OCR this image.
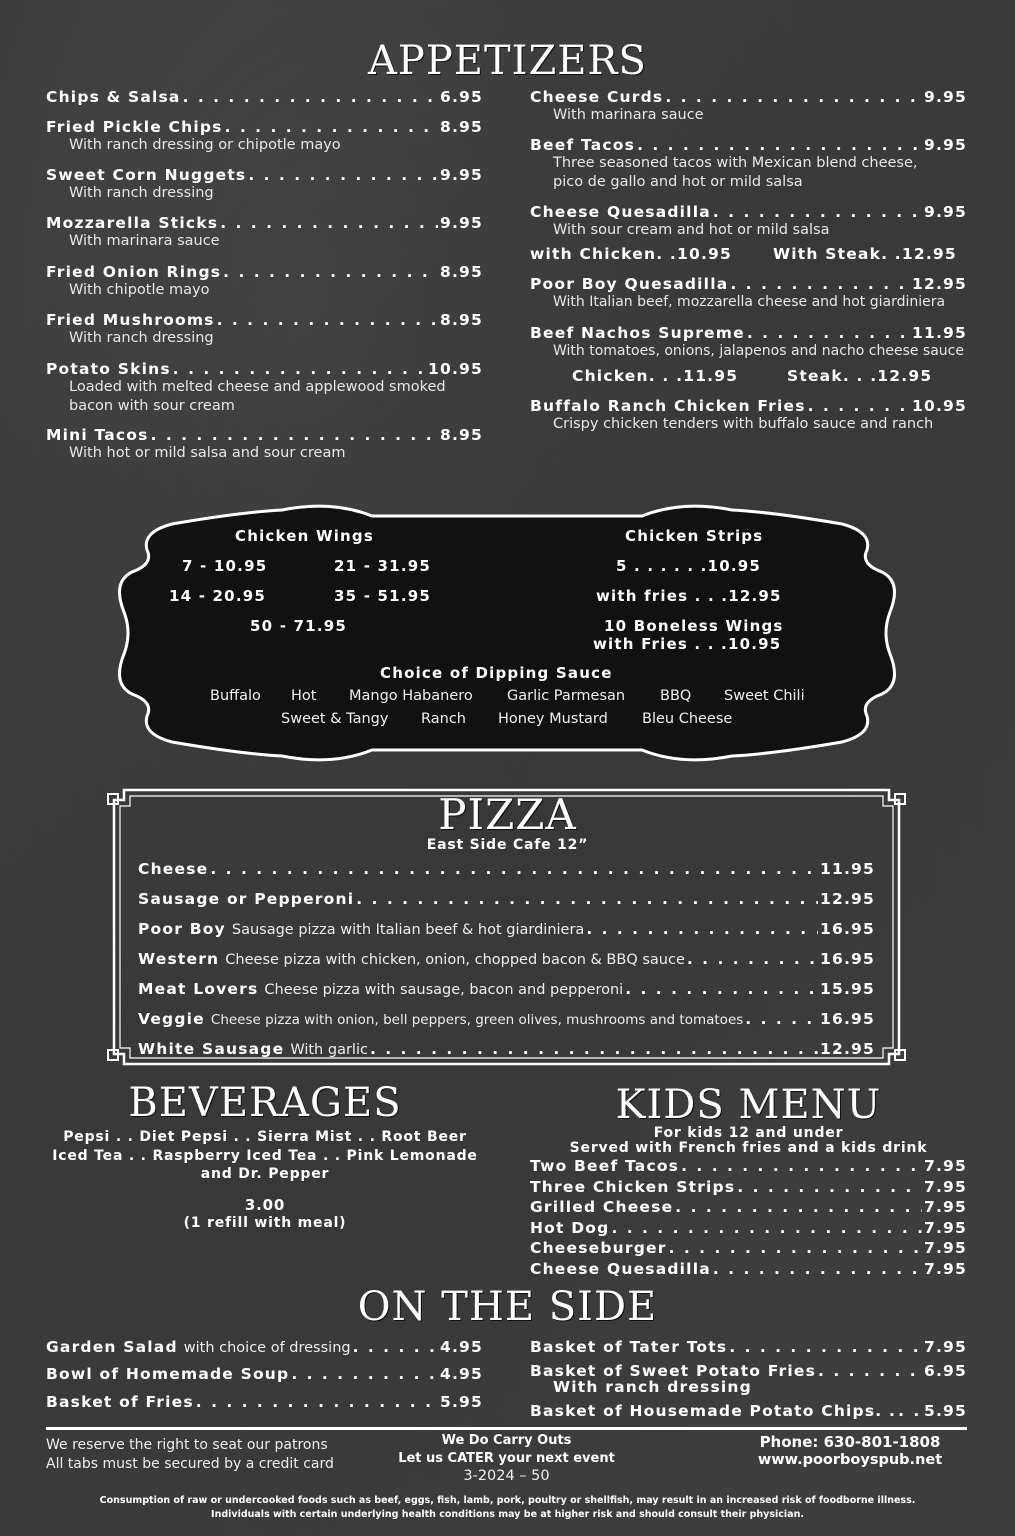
APPETIZERS
Chips & Salsa . . .	6.95
Fried Pickle Chips . . .	8.95
With ranch dressing or chipotle mayo
Sweet Corn Nuggets . . .	9.95
With ranch dressing
Mozzarella Sticks . . .	9.95
With marinara sauce
Fried Onion Rings . . .	8.95
With chipotle mayo
Fried Mushrooms . . .	8.95
With ranch dressing
Potato Skins . . .	10.95
Loaded with melted cheese and applewood smoked
bacon with sour cream
Mini Tacos . . .	8.95
With hot or mild salsa and sour cream
Cheese Curds . . .	9.95
With marinara sauce
Beef Tacos . . .	9.95
Three seasoned tacos with Mexican blend cheese,
pico de gallo and hot or mild salsa
Cheese Quesadilla . . .	9.95
With sour cream and hot or mild salsa
with Chicken. .10.95	With Steak. .12.95
Poor Boy Quesadilla . . .	12.95
With Italian beef, mozzarella cheese and hot giardiniera
Beef Nachos Supreme . . .	11.95
With tomatoes, onions, jalapenos and nacho cheese sauce
Chicken. . .11.95	Steak. . .12.95
Buffalo Ranch Chicken Fries . . .	10.95
Crispy chicken tenders with buffalo sauce and ranch
Chicken Wings
7 - 10.95	21 - 31.95
14 - 20.95	35 - 51.95
50 - 71.95
Chicken Strips
5 . . . . . .10.95
with fries . . .12.95
10 Boneless Wings
with Fries . . .10.95
Choice of Dipping Sauce
Buffalo Hot Mango Habanero Garlic Parmesan BBQ Sweet Chili
Sweet & Tangy Ranch Honey Mustard Bleu Cheese
PIZZA
East Side Cafe 12”
Cheese . . .	11.95
Sausage or Pepperoni . . .	12.95
Poor Boy Sausage pizza with Italian beef & hot giardiniera . . .	16.95
Western Cheese pizza with chicken, onion, chopped bacon & BBQ sauce . . .	16.95
Meat Lovers Cheese pizza with sausage, bacon and pepperoni . . .	15.95
Veggie Cheese pizza with onion, bell peppers, green olives, mushrooms and tomatoes . . .	16.95
White Sausage With garlic . . .	12.95
BEVERAGES
Pepsi . . Diet Pepsi . . Sierra Mist . . Root Beer
Iced Tea . . Raspberry Iced Tea . . Pink Lemonade
and Dr. Pepper
3.00
(1 refill with meal)
KIDS MENU
For kids 12 and under
Served with French fries and a kids drink
Two Beef Tacos . . .	7.95
Three Chicken Strips . . .	7.95
Grilled Cheese . . .	7.95
Hot Dog . . .	7.95
Cheeseburger . . .	7.95
Cheese Quesadilla . . .	7.95
ON THE SIDE
Garden Salad with choice of dressing . . .	4.95
Bowl of Homemade Soup . . .	4.95
Basket of Fries . . .	5.95
Basket of Tater Tots . . .	7.95
Basket of Sweet Potato Fries . . .	6.95
With ranch dressing
Basket of Housemade Potato Chips. . . . . 5.95
We reserve the right to seat our patrons
All tabs must be secured by a credit card
We Do Carry Outs
Let us CATER your next event
3-2024 – 50
Phone: 630-801-1808
www.poorboyspub.net
Consumption of raw or undercooked foods such as beef, eggs, fish, lamb, pork, poultry or shellfish, may result in an increased risk of foodborne illness.
Individuals with certain underlying health conditions may be at higher risk and should consult their physician.
